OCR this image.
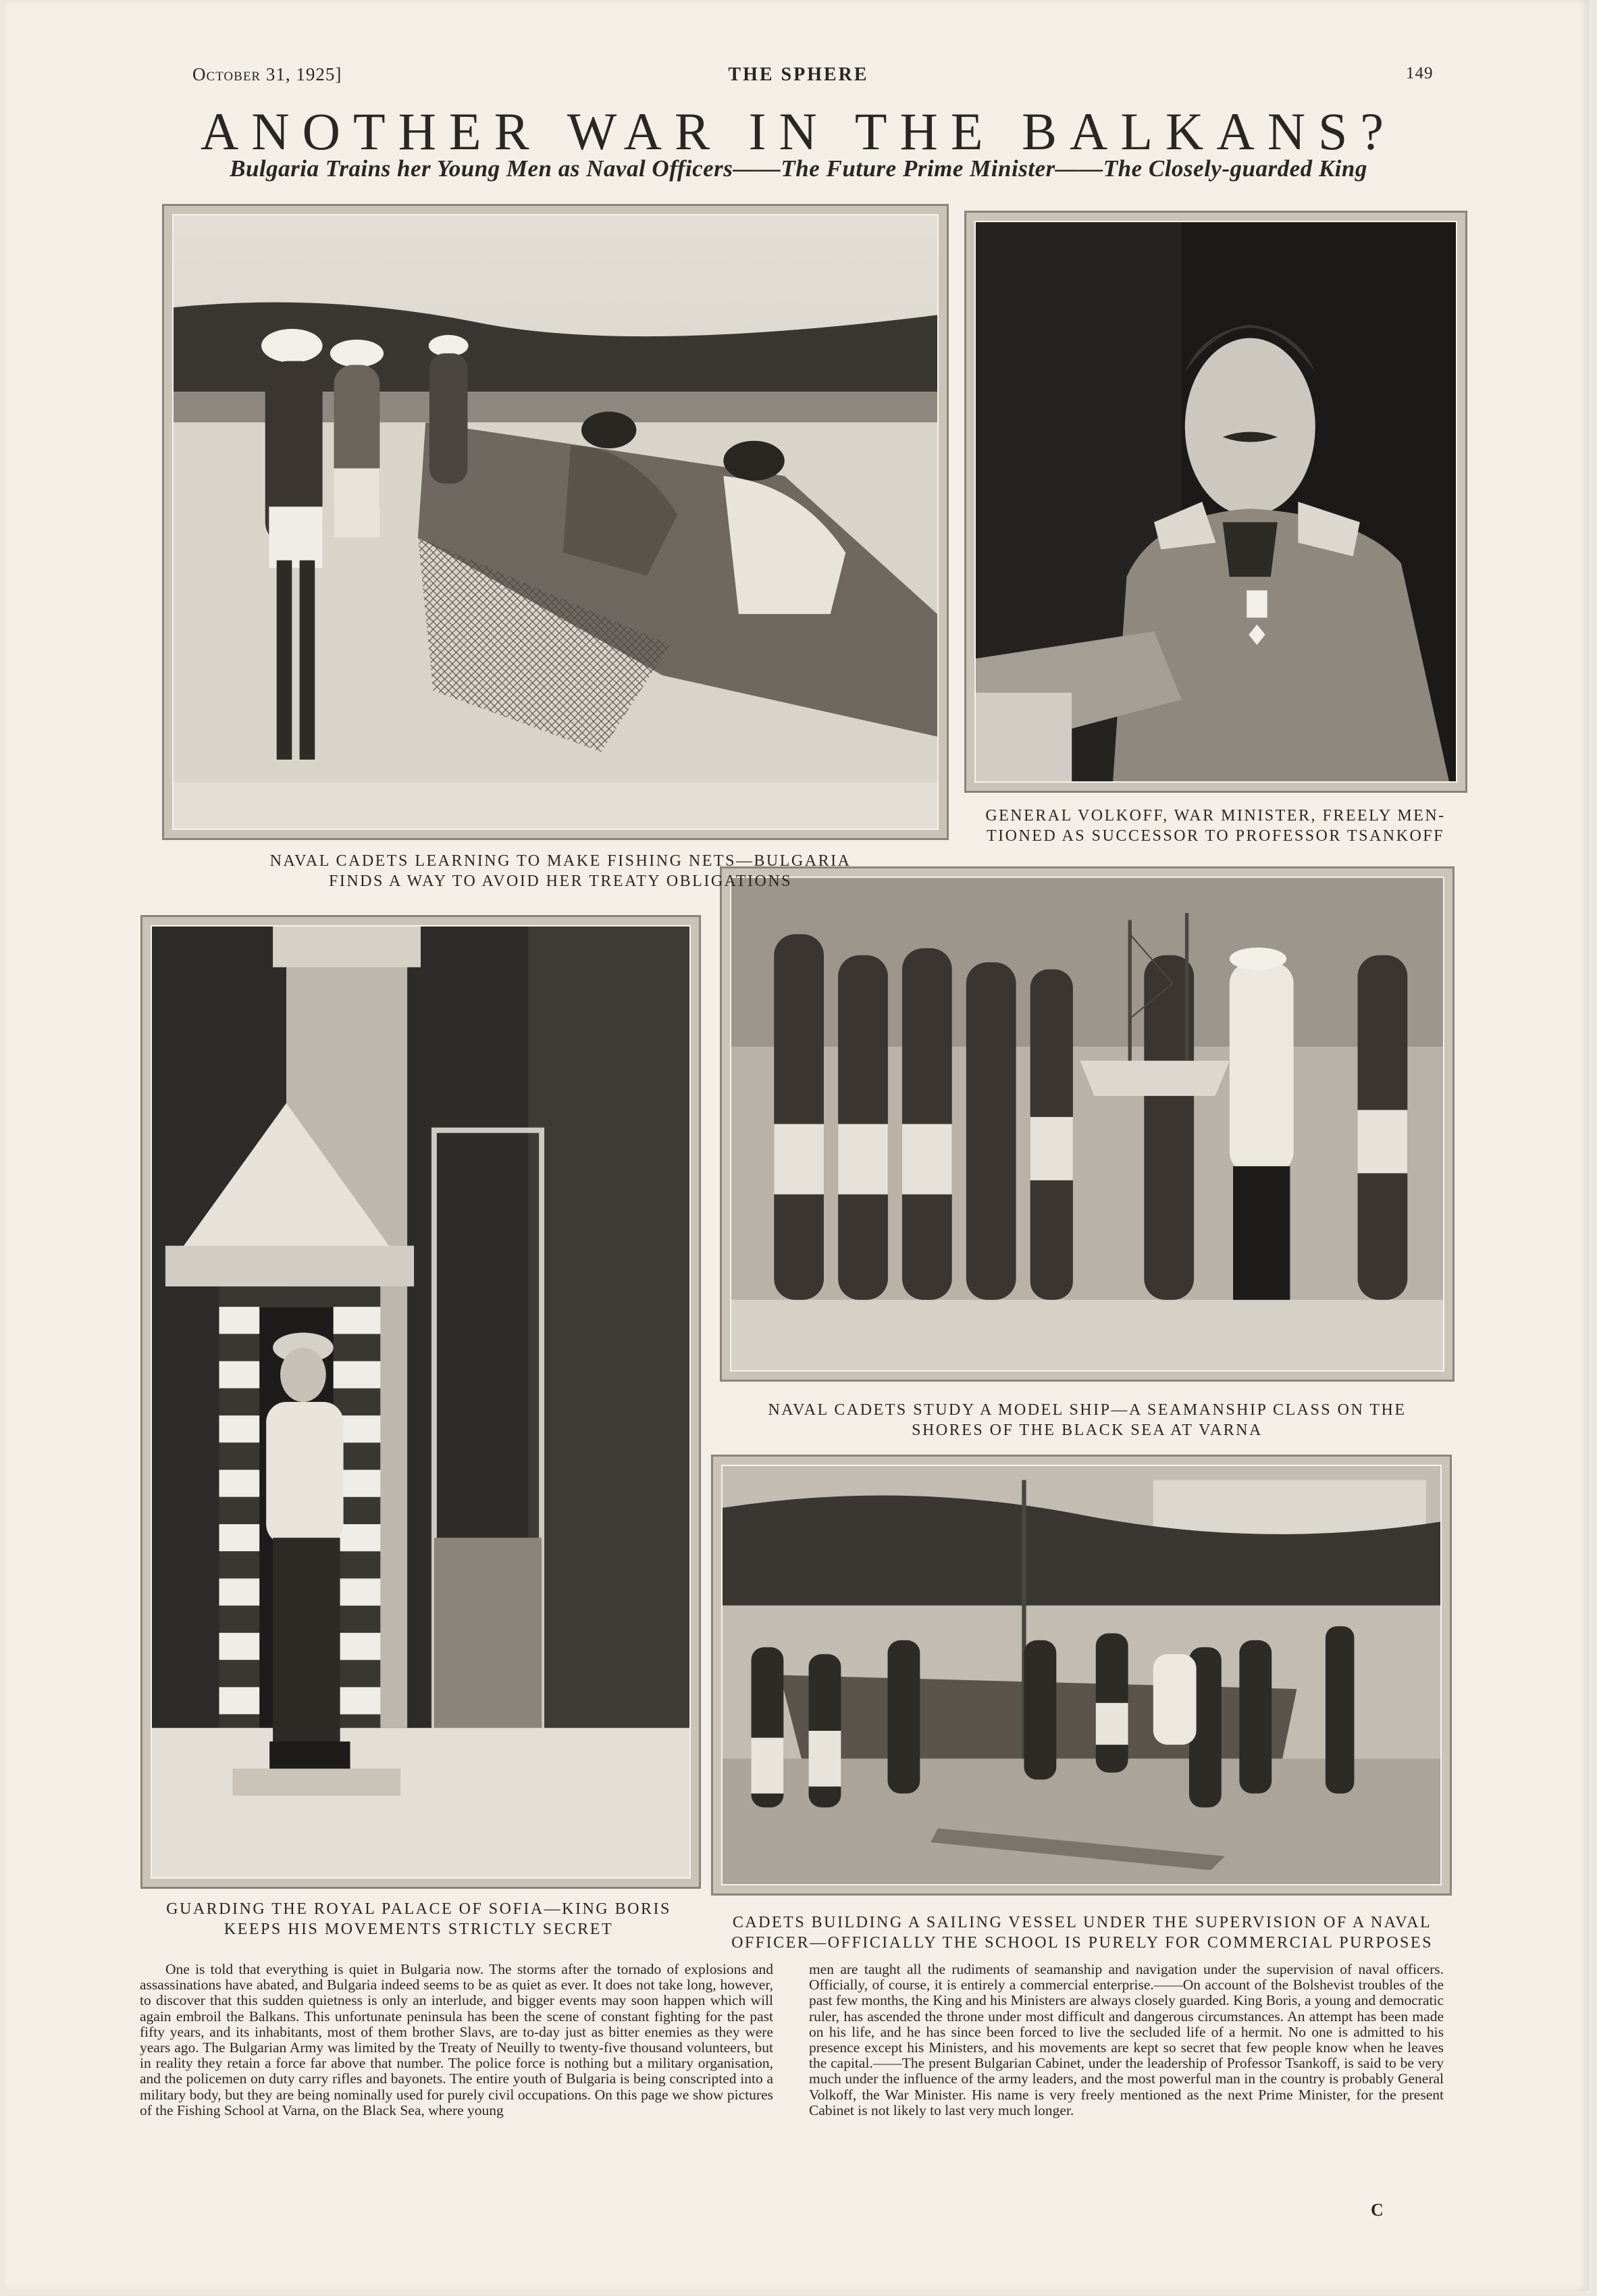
October 31, 1925]	THE SPHERE	149
ANOTHER WAR IN THE BALKANS?
Bulgaria Trains her Young Men as Naval Officers——The Future Prime Minister——The Closely-guarded King
NAVAL CADETS LEARNING TO MAKE FISHING NETS—BULGARIA
FINDS A WAY TO AVOID HER TREATY OBLIGATIONS
GENERAL VOLKOFF, WAR MINISTER, FREELY MEN-
TIONED AS SUCCESSOR TO PROFESSOR TSANKOFF
NAVAL CADETS STUDY A MODEL SHIP—A SEAMANSHIP CLASS ON THE
SHORES OF THE BLACK SEA AT VARNA
GUARDING THE ROYAL PALACE OF SOFIA—KING BORIS
KEEPS HIS MOVEMENTS STRICTLY SECRET	CADETS BUILDING A SAILING VESSEL UNDER THE SUPERVISION OF A NAVAL
OFFICER—OFFICIALLY THE SCHOOL IS PURELY FOR COMMERCIAL PURPOSES

One is told that everything is quiet in Bulgaria now. The storms after the tornado of explosions and assassinations have abated, and Bulgaria indeed seems to be as quiet as ever. It does not take long, however, to discover that this sudden quietness is only an interlude, and bigger events may soon happen which will again embroil the Balkans. This unfortunate peninsula has been the scene of constant fighting for the past fifty years, and its inhabitants, most of them brother Slavs, are to-day just as bitter enemies as they were years ago. The Bulgarian Army was limited by the Treaty of Neuilly to twenty-five thousand volunteers, but in reality they retain a force far above that number. The police force is nothing but a military organisation, and the policemen on duty carry rifles and bayonets. The entire youth of Bulgaria is being conscripted into a military body, but they are being nominally used for purely civil occupations. On this page we show pictures of the Fishing School at Varna, on the Black Sea, where young

men are taught all the rudiments of seamanship and navigation under the supervision of naval officers. Officially, of course, it is entirely a commercial enterprise.——On account of the Bolshevist troubles of the past few months, the King and his Ministers are always closely guarded. King Boris, a young and democratic ruler, has ascended the throne under most difficult and dangerous circumstances. An attempt has been made on his life, and he has since been forced to live the secluded life of a hermit. No one is admitted to his presence except his Ministers, and his movements are kept so secret that few people know when he leaves the capital.——The present Bulgarian Cabinet, under the leadership of Professor Tsankoff, is said to be very much under the influence of the army leaders, and the most powerful man in the country is probably General Volkoff, the War Minister. His name is very freely mentioned as the next Prime Minister, for the present Cabinet is not likely to last very much longer.

C
